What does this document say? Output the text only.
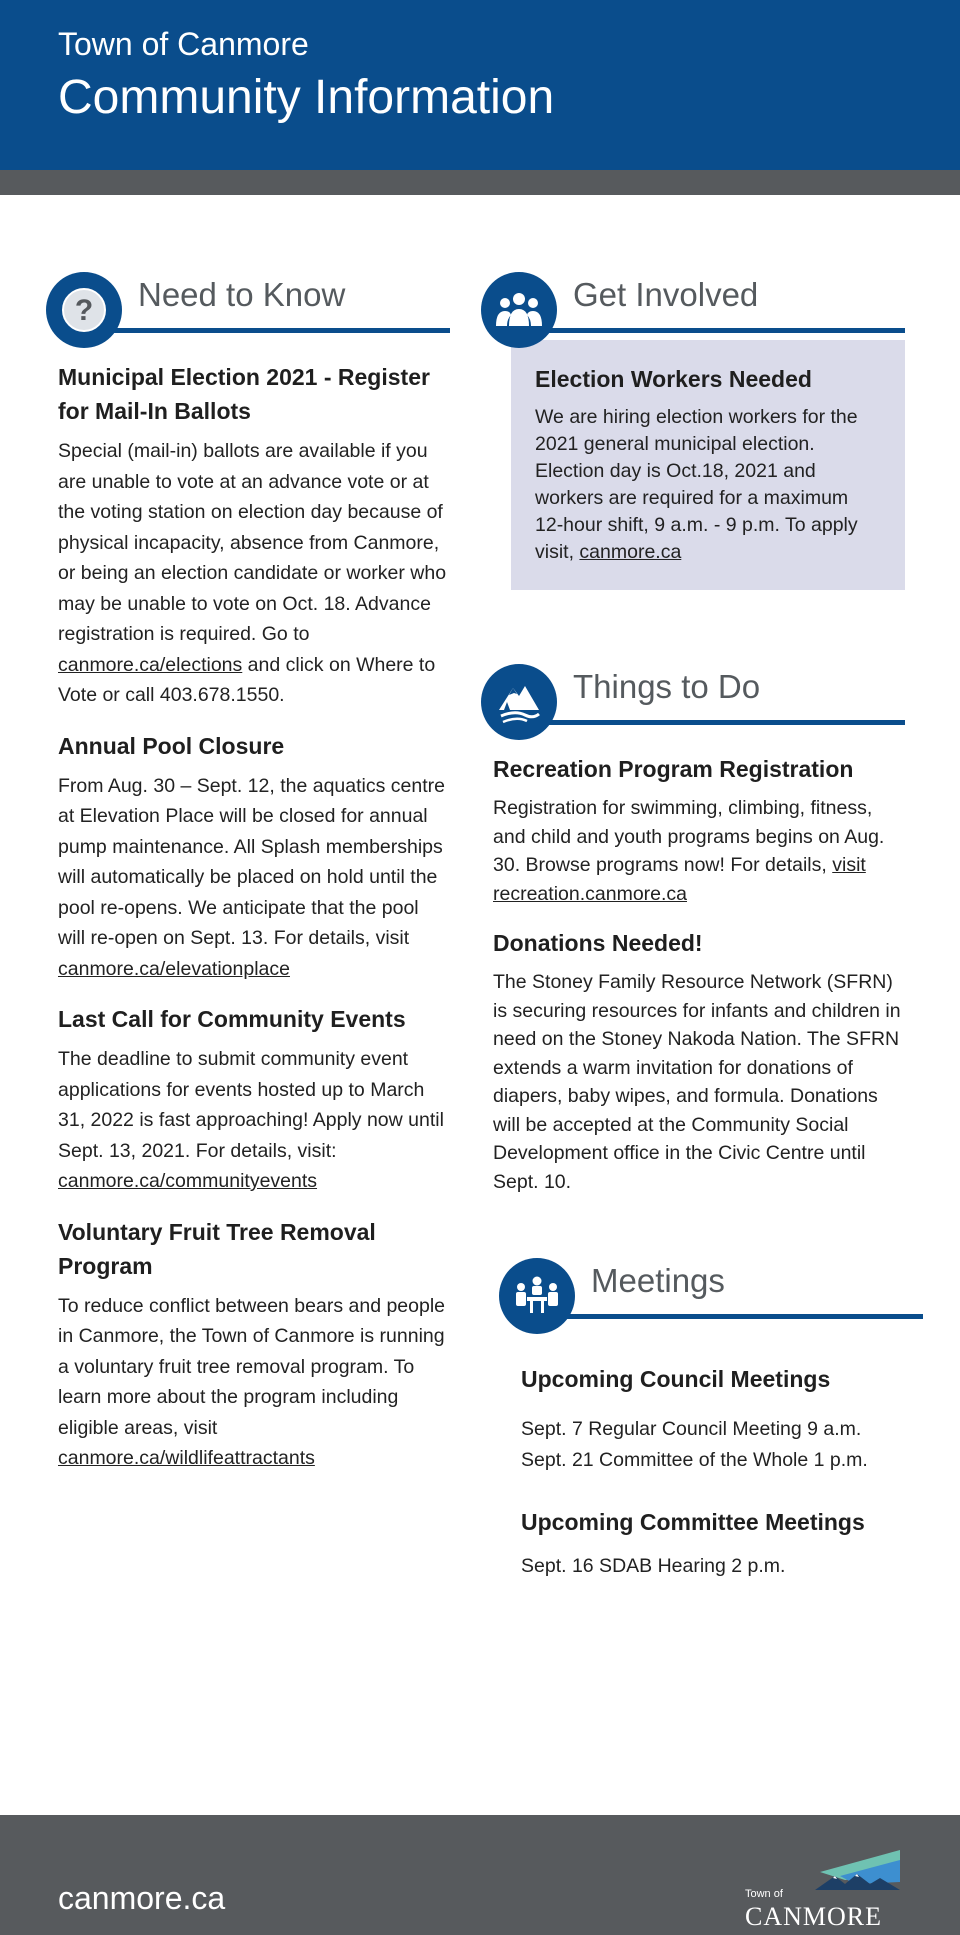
Town of Canmore
Community Information
? Need to Know
Municipal Election 2021 - Register for Mail-In Ballots
Special (mail-in) ballots are available if you are unable to vote at an advance vote or at the voting station on election day because of physical incapacity, absence from Canmore, or being an election candidate or worker who may be unable to vote on Oct. 18. Advance registration is required. Go to canmore.ca/elections and click on Where to Vote or call 403.678.1550.
Annual Pool Closure
From Aug. 30 – Sept. 12, the aquatics centre at Elevation Place will be closed for annual pump maintenance. All Splash memberships will automatically be placed on hold until the pool re-opens. We anticipate that the pool will re-open on Sept. 13. For details, visit canmore.ca/elevationplace
Last Call for Community Events
The deadline to submit community event applications for events hosted up to March 31, 2022 is fast approaching! Apply now until Sept. 13, 2021. For details, visit: canmore.ca/communityevents
Voluntary Fruit Tree Removal Program
To reduce conflict between bears and people in Canmore, the Town of Canmore is running a voluntary fruit tree removal program. To learn more about the program including eligible areas, visit canmore.ca/wildlifeattractants
Get Involved
Election Workers Needed
We are hiring election workers for the 2021 general municipal election. Election day is Oct.18, 2021 and workers are required for a maximum 12-hour shift, 9 a.m. - 9 p.m. To apply visit, canmore.ca
Things to Do
Recreation Program Registration
Registration for swimming, climbing, fitness, and child and youth programs begins on Aug. 30. Browse programs now! For details, visit recreation.canmore.ca
Donations Needed!
The Stoney Family Resource Network (SFRN) is securing resources for infants and children in need on the Stoney Nakoda Nation. The SFRN extends a warm invitation for donations of diapers, baby wipes, and formula. Donations will be accepted at the Community Social Development office in the Civic Centre until Sept. 10.
Meetings
Upcoming Council Meetings
Sept. 7 Regular Council Meeting 9 a.m.
Sept. 21 Committee of the Whole 1 p.m.
Upcoming Committee Meetings
Sept. 16 SDAB Hearing 2 p.m.
canmore.ca	Town of
CANMORE
